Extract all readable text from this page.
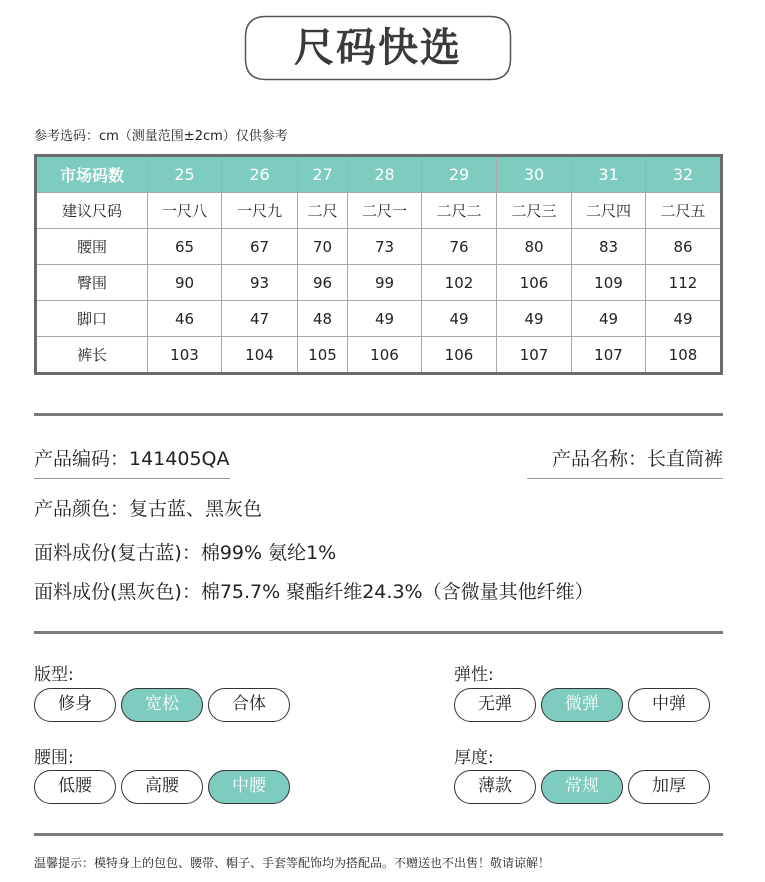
尺码快选
参考选码：cm（测量范围±2cm）仅供参考
市场码数	25	26	27	28	29	30	31	32
建议尺码	一尺八	一尺九	二尺	二尺一	二尺二	二尺三	二尺四	二尺五
腰围	65	67	70	73	76	80	83	86
臀围	90	93	96	99	102	106	109	112
脚口	46	47	48	49	49	49	49	49
裤长	103	104	105	106	106	107	107	108
产品编码：141405QA	产品名称：长直筒裤
产品颜色：复古蓝、黑灰色
面料成份(复古蓝)：棉99% 氨纶1%
面料成份(黑灰色)：棉75.7% 聚酯纤维24.3%（含微量其他纤维）
版型:
修身	宽松	合体
弹性:
无弹	微弹	中弹
腰围:
低腰	高腰	中腰
厚度:
薄款	常规	加厚
温馨提示：模特身上的包包、腰带、帽子、手套等配饰均为搭配品。不赠送也不出售！敬请谅解！
